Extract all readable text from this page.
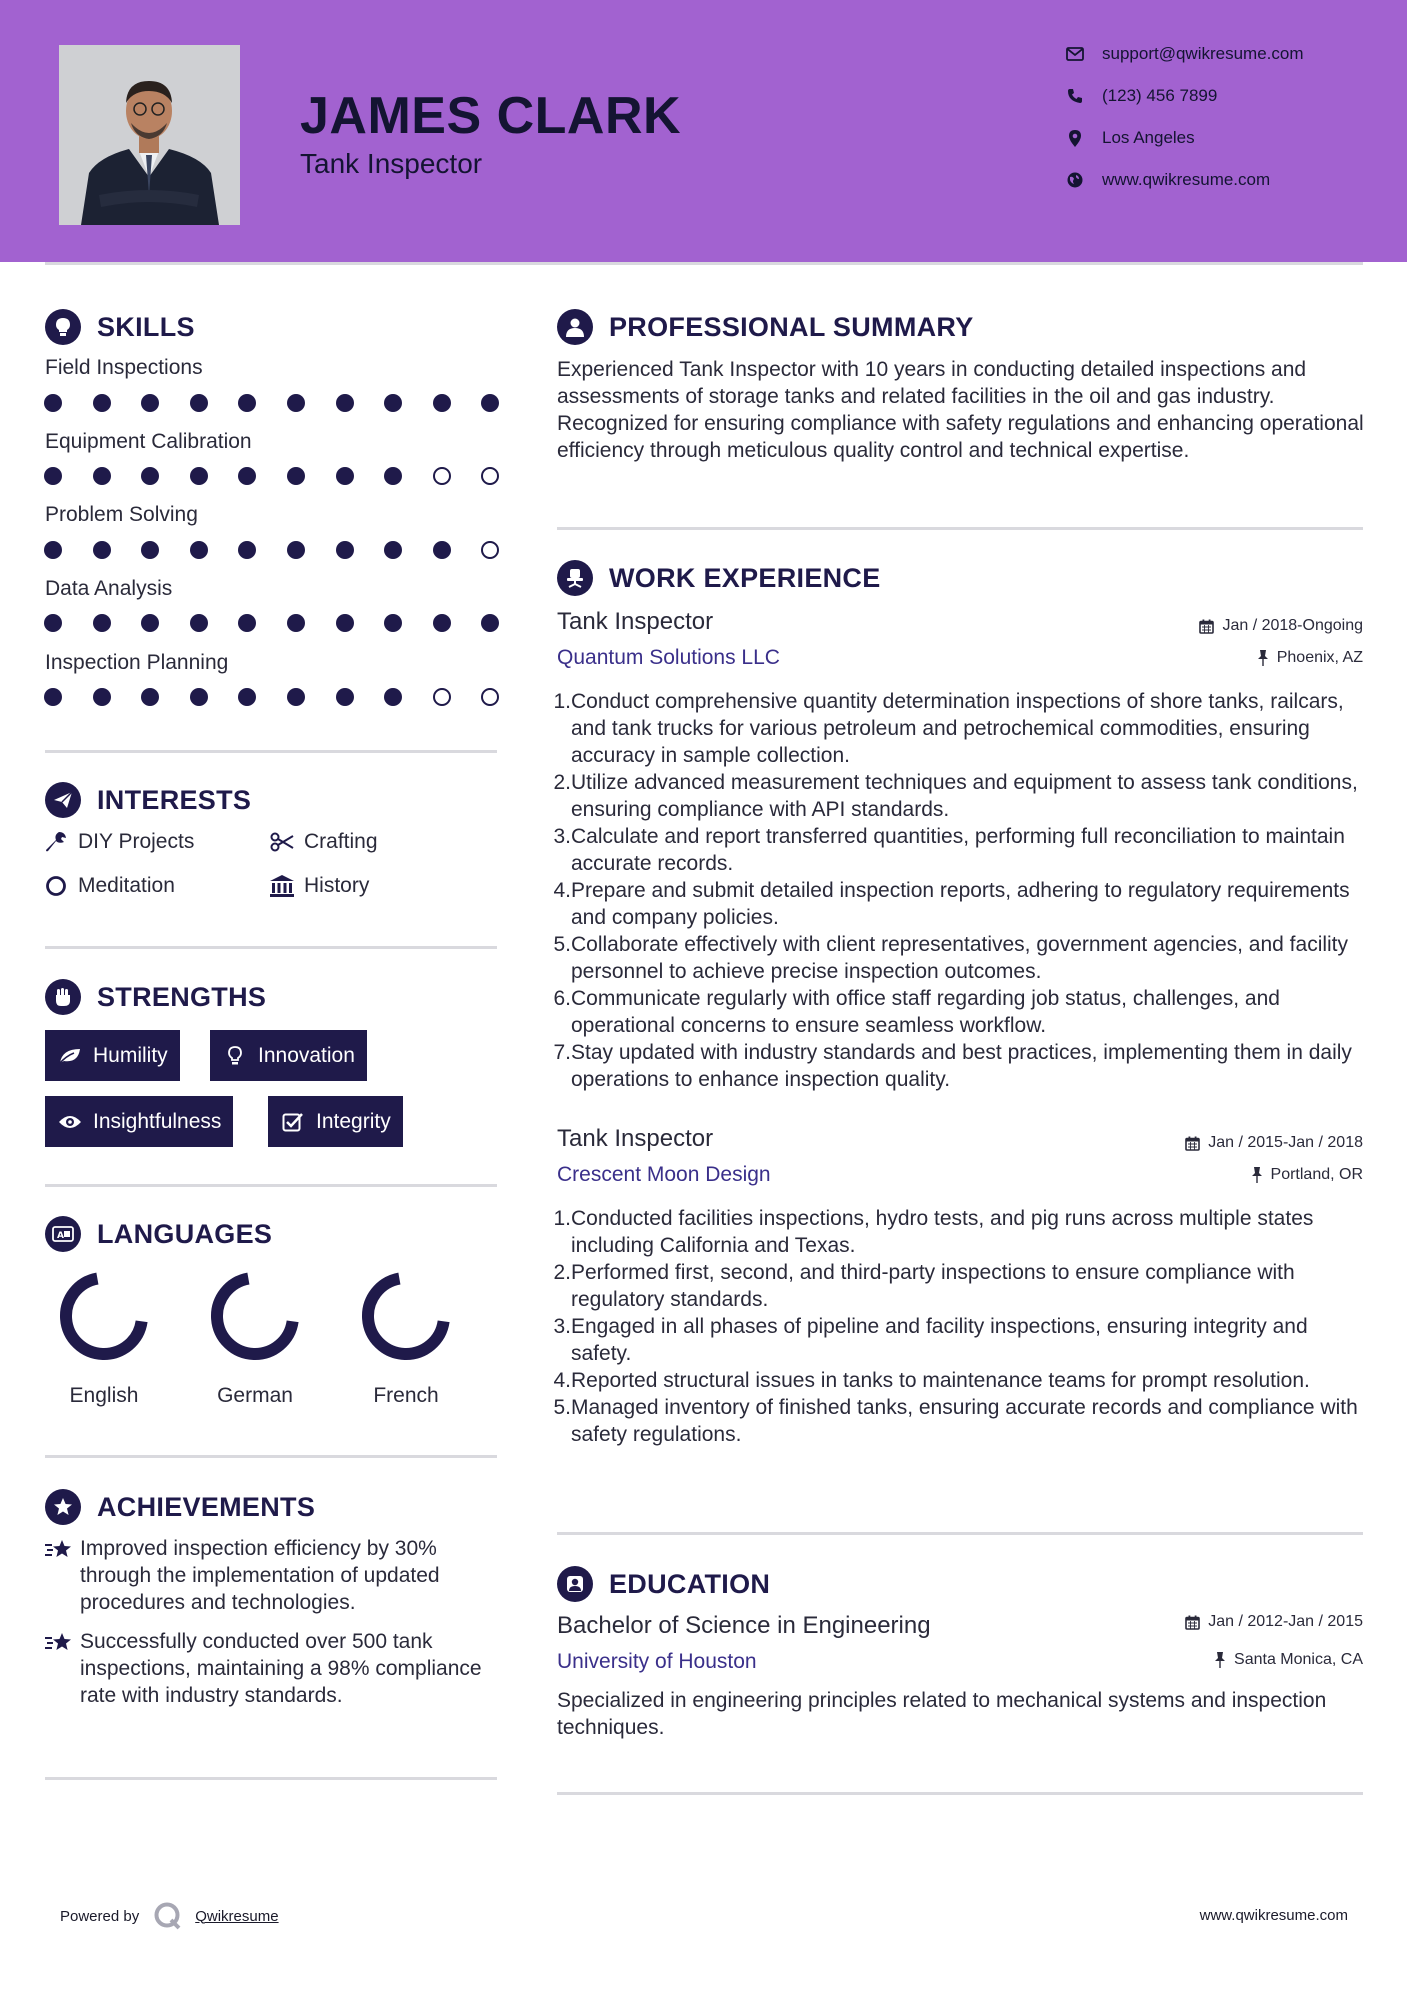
JAMES CLARK
Tank Inspector
support@qwikresume.com
(123) 456 7899
Los Angeles
www.qwikresume.com
SKILLS
Field Inspections
Equipment Calibration
Problem Solving
Data Analysis
Inspection Planning
INTERESTS
DIY Projects	Crafting
Meditation	History
STRENGTHS
Humility	Innovation
Insightfulness	Integrity
A LANGUAGES
English	German	French
ACHIEVEMENTS
Improved inspection efficiency by 30% through the implementation of updated procedures and technologies.
Successfully conducted over 500 tank inspections, maintaining a 98% compliance rate with industry standards.
PROFESSIONAL SUMMARY
Experienced Tank Inspector with 10 years in conducting detailed inspections and assessments of storage tanks and related facilities in the oil and gas industry. Recognized for ensuring compliance with safety regulations and enhancing operational efficiency through meticulous quality control and technical expertise.
WORK EXPERIENCE
Tank Inspector	Jan / 2018-Ongoing
Quantum Solutions LLC	Phoenix, AZ
1. Conduct comprehensive quantity determination inspections of shore tanks, railcars, and tank trucks for various petroleum and petrochemical commodities, ensuring accuracy in sample collection.
2. Utilize advanced measurement techniques and equipment to assess tank conditions, ensuring compliance with API standards.
3. Calculate and report transferred quantities, performing full reconciliation to maintain accurate records.
4. Prepare and submit detailed inspection reports, adhering to regulatory requirements and company policies.
5. Collaborate effectively with client representatives, government agencies, and facility personnel to achieve precise inspection outcomes.
6. Communicate regularly with office staff regarding job status, challenges, and operational concerns to ensure seamless workflow.
7. Stay updated with industry standards and best practices, implementing them in daily operations to enhance inspection quality.
Tank Inspector	Jan / 2015-Jan / 2018
Crescent Moon Design	Portland, OR
1. Conducted facilities inspections, hydro tests, and pig runs across multiple states including California and Texas.
2. Performed first, second, and third-party inspections to ensure compliance with regulatory standards.
3. Engaged in all phases of pipeline and facility inspections, ensuring integrity and safety.
4. Reported structural issues in tanks to maintenance teams for prompt resolution.
5. Managed inventory of finished tanks, ensuring accurate records and compliance with safety regulations.
EDUCATION
Bachelor of Science in Engineering	Jan / 2012-Jan / 2015
University of Houston	Santa Monica, CA
Specialized in engineering principles related to mechanical systems and inspection techniques.
Powered by	Qwikresume	www.qwikresume.com
